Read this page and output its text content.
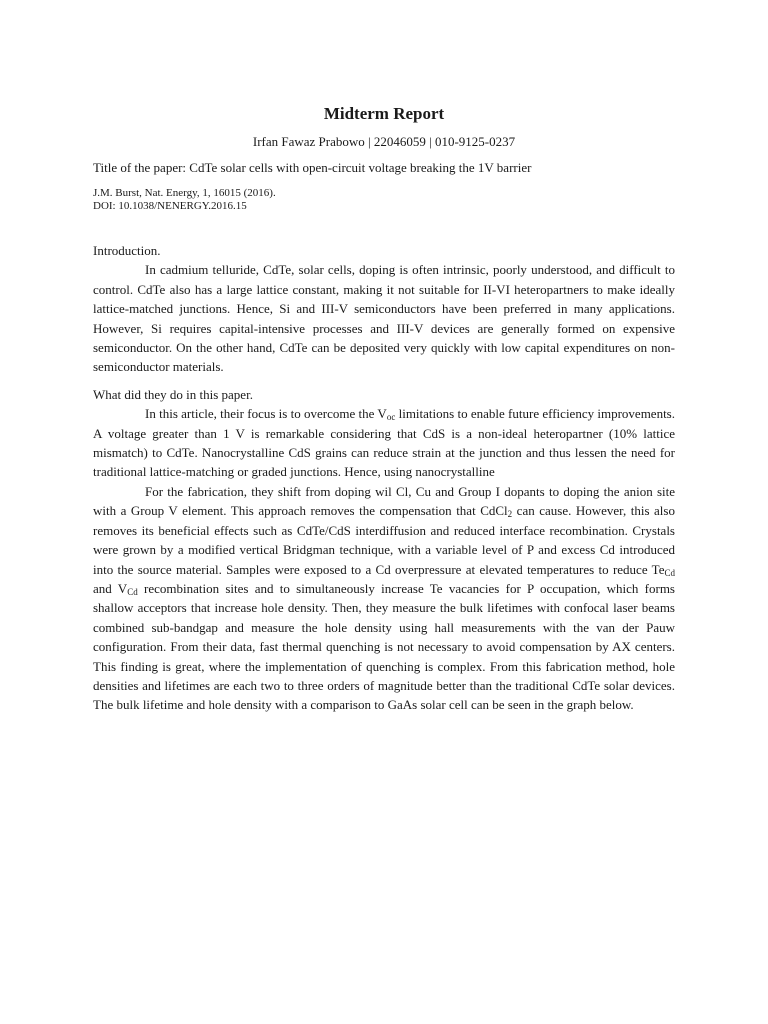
Midterm Report
Irfan Fawaz Prabowo | 22046059 | 010-9125-0237
Title of the paper: CdTe solar cells with open-circuit voltage breaking the 1V barrier
J.M. Burst, Nat. Energy, 1, 16015 (2016).
DOI: 10.1038/NENERGY.2016.15
Introduction.

In cadmium telluride, CdTe, solar cells, doping is often intrinsic, poorly understood, and difficult to control. CdTe also has a large lattice constant, making it not suitable for II-VI heteropartners to make ideally lattice-matched junctions. Hence, Si and III-V semiconductors have been preferred in many applications. However, Si requires capital-intensive processes and III-V devices are generally formed on expensive semiconductor. On the other hand, CdTe can be deposited very quickly with low capital expenditures on non-semiconductor materials.

What did they do in this paper.

In this article, their focus is to overcome the $V_{oc}$ limitations to enable future efficiency improvements. A voltage greater than 1 V is remarkable considering that CdS is a non-ideal heteropartner (10% lattice mismatch) to CdTe. Nanocrystalline CdS grains can reduce strain at the junction and thus lessen the need for traditional lattice-matching or graded junctions. Hence, using nanocrystalline

For the fabrication, they shift from doping wil Cl, Cu and Group I dopants to doping the anion site with a Group V element. This approach removes the compensation that CdCl$_2$ can cause. However, this also removes its beneficial effects such as CdTe/CdS interdiffusion and reduced interface recombination. Crystals were grown by a modified vertical Bridgman technique, with a variable level of P and excess Cd introduced into the source material. Samples were exposed to a Cd overpressure at elevated temperatures to reduce $Te_{Cd}$ and $V_{Cd}$ recombination sites and to simultaneously increase Te vacancies for P occupation, which forms shallow acceptors that increase hole density. Then, they measure the bulk lifetimes with confocal laser beams combined sub-bandgap and measure the hole density using hall measurements with the van der Pauw configuration. From their data, fast thermal quenching is not necessary to avoid compensation by AX centers. This finding is great, where the implementation of quenching is complex. From this fabrication method, hole densities and lifetimes are each two to three orders of magnitude better than the traditional CdTe solar devices. The bulk lifetime and hole density with a comparison to GaAs solar cell can be seen in the graph below.
